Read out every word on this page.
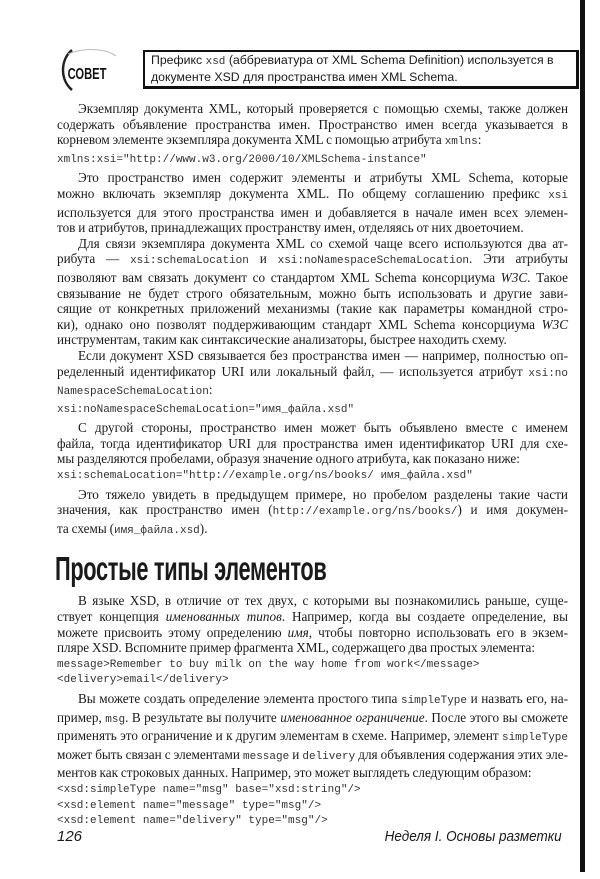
СОВЕТ
Префикс xsd (аббревиатура от XML Schema Definition) используется в
документе XSD для пространства имен XML Schema.
Экземпляр документа XML, который проверяется с помощью схемы, также должен
содержать объявление пространства имен. Пространство имен всегда указывается в
корневом элементе экземпляра документа XML с помощью атрибута xmlns:
xmlns:xsi="http://www.w3.org/2000/10/XMLSchema-instance"
Это пространство имен содержит элементы и атрибуты XML Schema, которые
можно включать экземпляр документа XML. По общему соглашению префикс xsi
используется для этого пространства имен и добавляется в начале имен всех элемен-
тов и атрибутов, принадлежащих пространству имен, отделяясь от них двоеточием.
Для связи экземпляра документа XML со схемой чаще всего используются два ат-
рибута — xsi:schemaLocation и xsi:noNamespaceSchemaLocation. Эти атрибуты
позволяют вам связать документ со стандартом XML Schema консорциума W3C. Такое
связывание не будет строго обязательным, можно быть использовать и другие зави-
сящие от конкретных приложений механизмы (такие как параметры командной стро-
ки), однако оно позволят поддерживающим стандарт XML Schema консорциума W3C
инструментам, таким как синтаксические анализаторы, быстрее находить схему.
Если документ XSD связывается без пространства имен — например, полностью оп-
ределенный идентификатор URI или локальный файл, — используется атрибут xsi:no
NamespaceSchemaLocation:
xsi:noNamespaceSchemaLocation="имя_файла.xsd"
С другой стороны, пространство имен может быть объявлено вместе с именем
файла, тогда идентификатор URI для пространства имен идентификатор URI для схе-
мы разделяются пробелами, образуя значение одного атрибута, как показано ниже:
xsi:schemaLocation="http://example.org/ns/books/ имя_файла.xsd"
Это тяжело увидеть в предыдущем примере, но пробелом разделены такие части
значения, как пространство имен (http://example.org/ns/books/) и имя докумен-
та схемы (имя_файла.xsd).
Простые типы элементов
В языке XSD, в отличие от тех двух, с которыми вы познакомились раньше, суще-
ствует концепция именованных типов. Например, когда вы создаете определение, вы
можете присвоить этому определению имя, чтобы повторно использовать его в экзем-
пляре XSD. Вспомните пример фрагмента XML, содержащего два простых элемента:
message>Remember to buy milk on the way home from work</message>
<delivery>email</delivery>
Вы можете создать определение элемента простого типа simpleType и назвать его, на-
пример, msg. В результате вы получите именованное ограничение. После этого вы сможете
применять это ограничение и к другим элементам в схеме. Например, элемент simpleType
может быть связан с элементами message и delivery для объявления содержания этих эле-
ментов как строковых данных. Например, это может выглядеть следующим образом:
<xsd:simpleType name="msg" base="xsd:string"/>
<xsd:element name="message" type="msg"/>
<xsd:element name="delivery" type="msg"/>
126	Неделя I. Основы разметки
